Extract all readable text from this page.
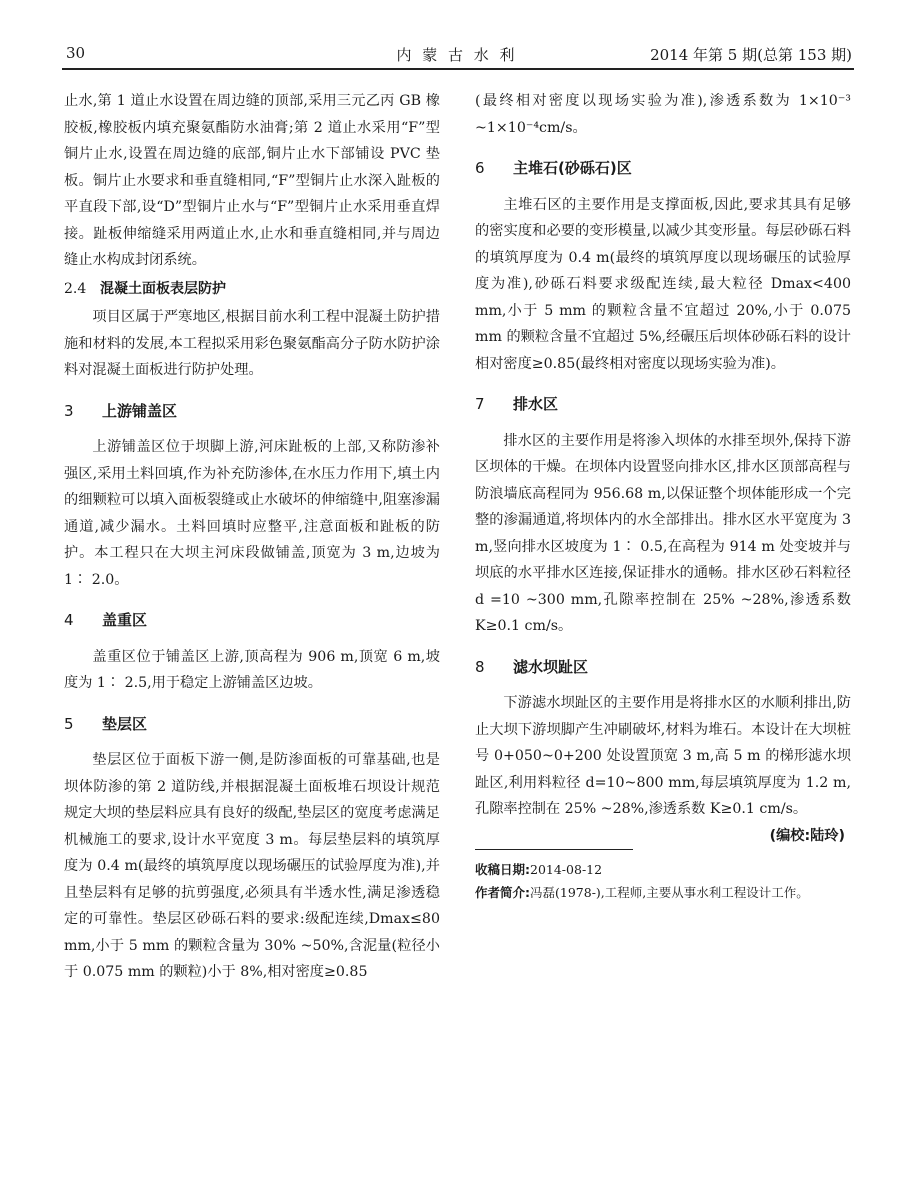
30	内 蒙 古 水 利	2014 年第 5 期(总第 153 期)

止水,第 1 道止水设置在周边缝的顶部,采用三元乙丙 GB 橡胶板,橡胶板内填充聚氨酯防水油膏;第 2 道止水采用“F”型铜片止水,设置在周边缝的底部,铜片止水下部铺设 PVC 垫板。铜片止水要求和垂直缝相同,“F”型铜片止水深入趾板的平直段下部,设“D”型铜片止水与“F”型铜片止水采用垂直焊接。趾板伸缩缝采用两道止水,止水和垂直缝相同,并与周边缝止水构成封闭系统。

2.4 混凝土面板表层防护

项目区属于严寒地区,根据目前水利工程中混凝土防护措施和材料的发展,本工程拟采用彩色聚氨酯高分子防水防护涂料对混凝土面板进行防护处理。

3 上游铺盖区

上游铺盖区位于坝脚上游,河床趾板的上部,又称防渗补强区,采用土料回填,作为补充防渗体,在水压力作用下,填土内的细颗粒可以填入面板裂缝或止水破坏的伸缩缝中,阻塞渗漏通道,减少漏水。土料回填时应整平,注意面板和趾板的防护。本工程只在大坝主河床段做铺盖,顶宽为 3 m,边坡为 1∶ 2.0。

4 盖重区

盖重区位于铺盖区上游,顶高程为 906 m,顶宽 6 m,坡度为 1∶ 2.5,用于稳定上游铺盖区边坡。

5 垫层区

垫层区位于面板下游一侧,是防渗面板的可靠基础,也是坝体防渗的第 2 道防线,并根据混凝土面板堆石坝设计规范规定大坝的垫层料应具有良好的级配,垫层区的宽度考虑满足机械施工的要求,设计水平宽度 3 m。每层垫层料的填筑厚度为 0.4 m(最终的填筑厚度以现场碾压的试验厚度为准),并且垫层料有足够的抗剪强度,必须具有半透水性,满足渗透稳定的可靠性。垫层区砂砾石料的要求:级配连续,Dmax≤80 mm,小于 5 mm 的颗粒含量为 30% ~50%,含泥量(粒径小于 0.075 mm 的颗粒)小于 8%,相对密度≥0.85

(最终相对密度以现场实验为准),渗透系数为 1×10⁻³ ~1×10⁻⁴cm/s。

6 主堆石(砂砾石)区

主堆石区的主要作用是支撑面板,因此,要求其具有足够的密实度和必要的变形模量,以减少其变形量。每层砂砾石料的填筑厚度为 0.4 m(最终的填筑厚度以现场碾压的试验厚度为准),砂砾石料要求级配连续,最大粒径 Dmax<400 mm,小于 5 mm 的颗粒含量不宜超过 20%,小于 0.075 mm 的颗粒含量不宜超过 5%,经碾压后坝体砂砾石料的设计相对密度≥0.85(最终相对密度以现场实验为准)。

7 排水区

排水区的主要作用是将渗入坝体的水排至坝外,保持下游区坝体的干燥。在坝体内设置竖向排水区,排水区顶部高程与防浪墙底高程同为 956.68 m,以保证整个坝体能形成一个完整的渗漏通道,将坝体内的水全部排出。排水区水平宽度为 3 m,竖向排水区坡度为 1∶ 0.5,在高程为 914 m 处变坡并与坝底的水平排水区连接,保证排水的通畅。排水区砂石料粒径 d =10 ~300 mm,孔隙率控制在 25% ~28%,渗透系数 K≥0.1 cm/s。

8 滤水坝趾区

下游滤水坝趾区的主要作用是将排水区的水顺利排出,防止大坝下游坝脚产生冲刷破坏,材料为堆石。本设计在大坝桩号 0+050~0+200 处设置顶宽 3 m,高 5 m 的梯形滤水坝趾区,利用料粒径 d=10~800 mm,每层填筑厚度为 1.2 m,孔隙率控制在 25% ~28%,渗透系数 K≥0.1 cm/s。
(编校:陆玲)

收稿日期:2014-08-12
作者简介:冯磊(1978-),工程师,主要从事水利工程设计工作。
